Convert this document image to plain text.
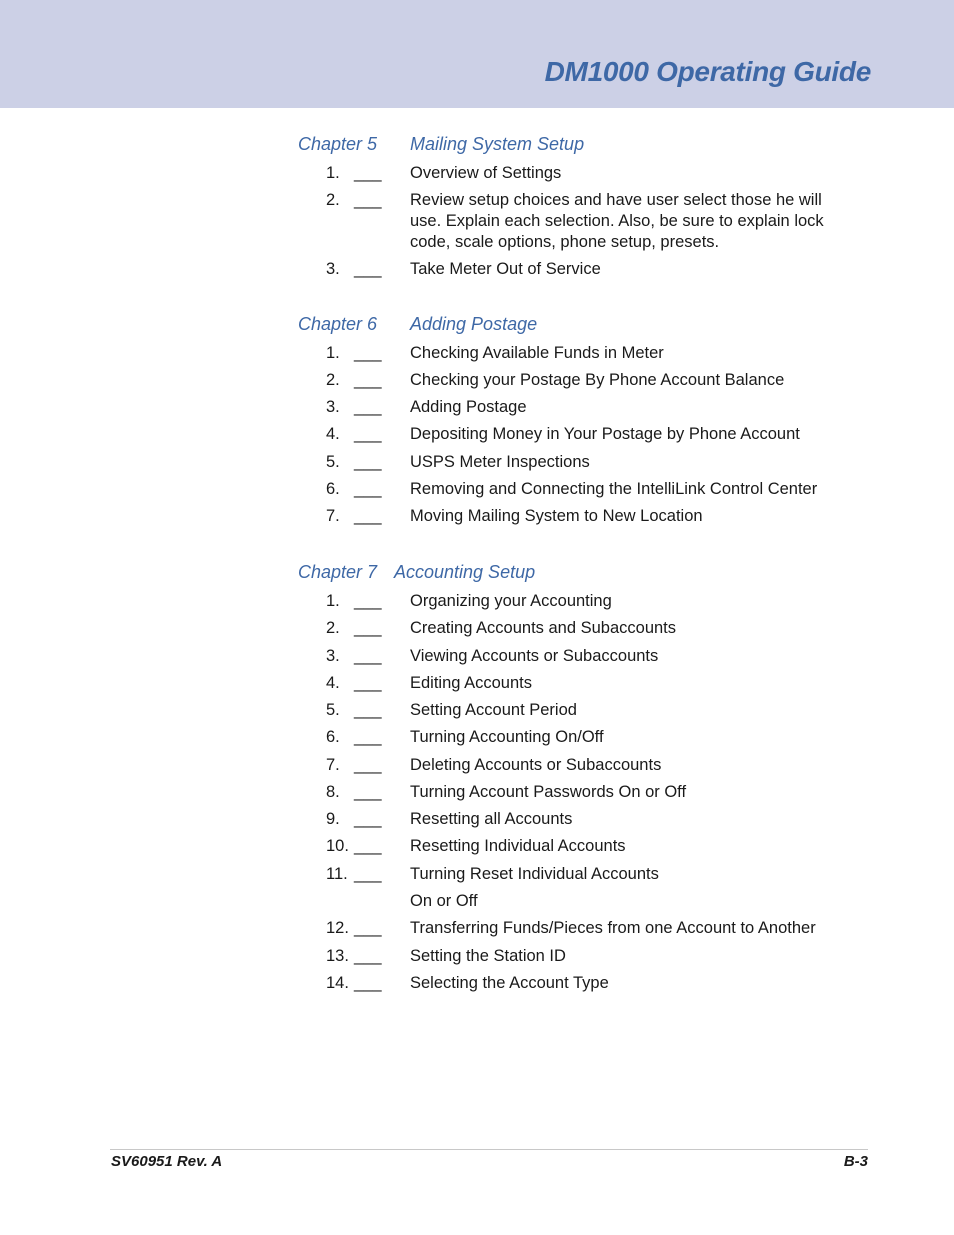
DM1000 Operating Guide
Chapter 5 Mailing System Setup
1. ___ Overview of Settings
2. ___ Review setup choices and have user select those he will use. Explain each selection. Also, be sure to explain lock code, scale options, phone setup, presets.
3. ___ Take Meter Out of Service
Chapter 6 Adding Postage
1. ___ Checking Available Funds in Meter
2. ___ Checking your Postage By Phone Account Balance
3. ___ Adding Postage
4. ___ Depositing Money in Your Postage by Phone Account
5. ___ USPS Meter Inspections
6. ___ Removing and Connecting the IntelliLink Control Center
7. ___ Moving Mailing System to New Location
Chapter 7 Accounting Setup
1. ___ Organizing your Accounting
2. ___ Creating Accounts and Subaccounts
3. ___ Viewing Accounts or Subaccounts
4. ___ Editing Accounts
5. ___ Setting Account Period
6. ___ Turning Accounting On/Off
7. ___ Deleting Accounts or Subaccounts
8. ___ Turning Account Passwords On or Off
9. ___ Resetting all Accounts
10. ___ Resetting Individual Accounts
11. ___ Turning Reset Individual Accounts
On or Off
12. ___ Transferring Funds/Pieces from one Account to Another
13. ___ Setting the Station ID
14. ___ Selecting the Account Type
SV60951 Rev. A	B-3
